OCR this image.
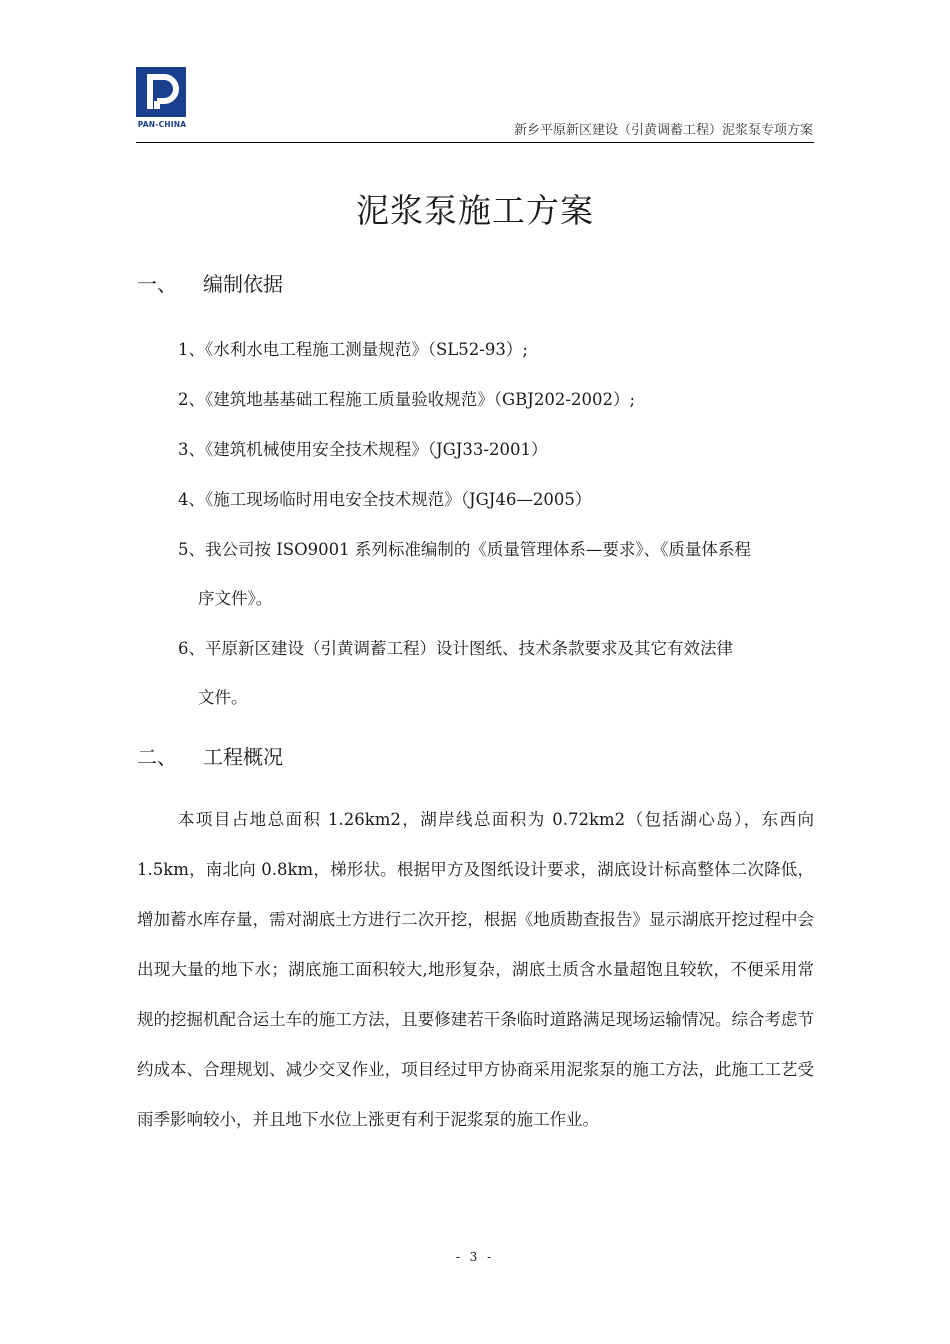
PAN-CHINA	新乡平原新区建设（引黄调蓄工程）泥浆泵专项方案
泥浆泵施工方案
一、 编制依据
1、《水利水电工程施工测量规范》（SL52-93）;
2、《建筑地基基础工程施工质量验收规范》（GBJ202-2002）;
3、《建筑机械使用安全技术规程》（JGJ33-2001）
4、《施工现场临时用电安全技术规范》（JGJ46—2005）
5、我公司按 ISO9001 系列标准编制的《质量管理体系—要求》、《质量体系程
序文件》。
6、平原新区建设（引黄调蓄工程）设计图纸、技术条款要求及其它有效法律
文件。
二、 工程概况

本项目占地总面积 1.26km2，湖岸线总面积为 0.72km2（包括湖心岛），东西向 1.5km，南北向 0.8km，梯形状。根据甲方及图纸设计要求，湖底设计标高整体二次降低，增加蓄水库存量，需对湖底土方进行二次开挖，根据《地质勘查报告》显示湖底开挖过程中会出现大量的地下水；湖底施工面积较大,地形复杂，湖底土质含水量超饱且较软，不便采用常规的挖掘机配合运土车的施工方法，且要修建若干条临时道路满足现场运输情况。综合考虑节约成本、合理规划、减少交叉作业，项目经过甲方协商采用泥浆泵的施工方法，此施工工艺受雨季影响较小，并且地下水位上涨更有利于泥浆泵的施工作业。

- 3 -
